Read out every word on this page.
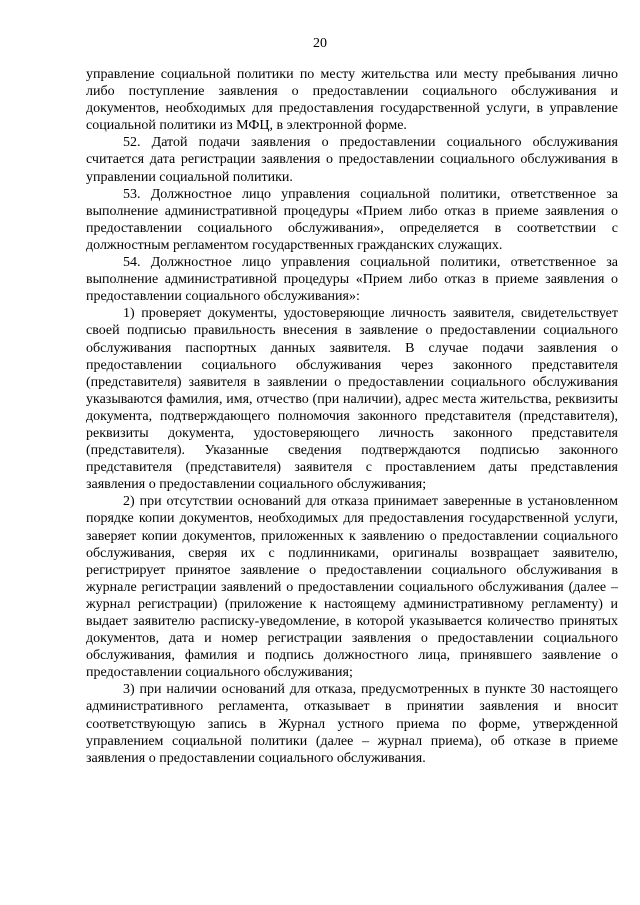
20

управление социальной политики по месту жительства или месту пребывания лично либо поступление заявления о предоставлении социального обслуживания и документов, необходимых для предоставления государственной услуги, в управление социальной политики из МФЦ, в электронной форме.

52. Датой подачи заявления о предоставлении социального обслуживания считается дата регистрации заявления о предоставлении социального обслуживания в управлении социальной политики.

53. Должностное лицо управления социальной политики, ответственное за выполнение административной процедуры «Прием либо отказ в приеме заявления о предоставлении социального обслуживания», определяется в соответствии с должностным регламентом государственных гражданских служащих.

54. Должностное лицо управления социальной политики, ответственное за выполнение административной процедуры «Прием либо отказ в приеме заявления о предоставлении социального обслуживания»:

1) проверяет документы, удостоверяющие личность заявителя, свидетельствует своей подписью правильность внесения в заявление о предоставлении социального обслуживания паспортных данных заявителя. В случае подачи заявления о предоставлении социального обслуживания через законного представителя (представителя) заявителя в заявлении о предоставлении социального обслуживания указываются фамилия, имя, отчество (при наличии), адрес места жительства, реквизиты документа, подтверждающего полномочия законного представителя (представителя), реквизиты документа, удостоверяющего личность законного представителя (представителя). Указанные сведения подтверждаются подписью законного представителя (представителя) заявителя с проставлением даты представления заявления о предоставлении социального обслуживания;

2) при отсутствии оснований для отказа принимает заверенные в установленном порядке копии документов, необходимых для предоставления государственной услуги, заверяет копии документов, приложенных к заявлению о предоставлении социального обслуживания, сверяя их с подлинниками, оригиналы возвращает заявителю, регистрирует принятое заявление о предоставлении социального обслуживания в журнале регистрации заявлений о предоставлении социального обслуживания (далее – журнал регистрации) (приложение к настоящему административному регламенту) и выдает заявителю расписку-уведомление, в которой указывается количество принятых документов, дата и номер регистрации заявления о предоставлении социального обслуживания, фамилия и подпись должностного лица, принявшего заявление о предоставлении социального обслуживания;

3) при наличии оснований для отказа, предусмотренных в пункте 30 настоящего административного регламента, отказывает в принятии заявления и вносит соответствующую запись в Журнал устного приема по форме, утвержденной управлением социальной политики (далее – журнал приема), об отказе в приеме заявления о предоставлении социального обслуживания.
